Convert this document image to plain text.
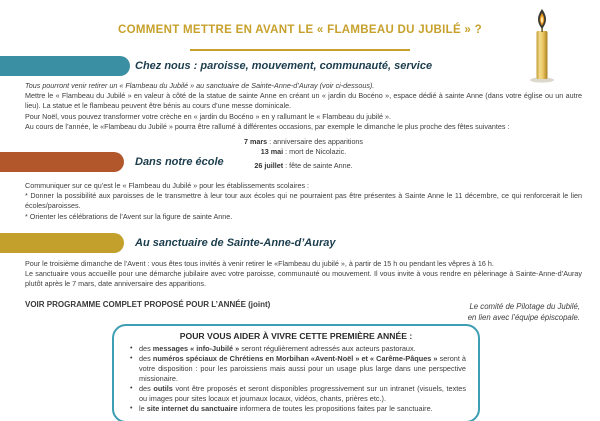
COMMENT METTRE EN AVANT LE « FLAMBEAU DU JUBILÉ » ?
Chez nous : paroisse, mouvement, communauté, service

Tous pourront venir retirer un « Flambeau du Jubilé » au sanctuaire de Sainte-Anne-d’Auray (voir ci-dessous).

Mettre le « Flambeau du Jubilé » en valeur à côté de la statue de sainte Anne en créant un « jardin du Bocéno », espace dédié à sainte Anne (dans votre église ou un autre lieu). La statue et le flambeau peuvent être bénis au cours d’une messe dominicale.

Pour Noël, vous pouvez transformer votre crèche en « jardin du Bocéno » en y rallumant le « Flambeau du jubilé ».

Au cours de l’année, le «Flambeau du Jubilé » pourra être rallumé à différentes occasions, par exemple le dimanche le plus proche des fêtes suivantes :

7 mars : anniversaire des apparitions
13 mai : mort de Nicolazic.
26 juillet : fête de sainte Anne.
Dans notre école

Communiquer sur ce qu’est le « Flambeau du Jubilé » pour les établissements scolaires :

* Donner la possibilité aux paroisses de le transmettre à leur tour aux écoles qui ne pourraient pas être présentes à Sainte Anne le 11 décembre, ce qui renforcerait le lien écoles/paroisses.

* Orienter les célébrations de l’Avent sur la figure de sainte Anne.

Au sanctuaire de Sainte-Anne-d’Auray

Pour le troisième dimanche de l’Avent : vous êtes tous invités à venir retirer le «Flambeau du jubilé », à partir de 15 h ou pendant les vêpres à 16 h.

Le sanctuaire vous accueille pour une démarche jubilaire avec votre paroisse, communauté ou mouvement. Il vous invite à vous rendre en pèlerinage à Sainte-Anne-d’Auray plutôt après le 7 mars, date anniversaire des apparitions.

VOIR PROGRAMME COMPLET PROPOSÉ POUR L’ANNÉE (joint)	Le comité de Pilotage du Jubilé,
en lien avec l’équipe épiscopale.

POUR VOUS AIDER À VIVRE CETTE PREMIÈRE ANNÉE :

• des messages « info-Jubilé » seront régulièrement adressés aux acteurs pastoraux.
• des numéros spéciaux de Chrétiens en Morbihan «Avent-Noël » et « Carême-Pâques » seront à votre disposition : pour les paroissiens mais aussi pour un usage plus large dans une perspective missionaire.
• des outils vont être proposés et seront disponibles progressivement sur un intranet (visuels, textes ou images pour sites locaux et journaux locaux, vidéos, chants, prières etc.).
• le site internet du sanctuaire informera de toutes les propositions faites par le sanctuaire.
